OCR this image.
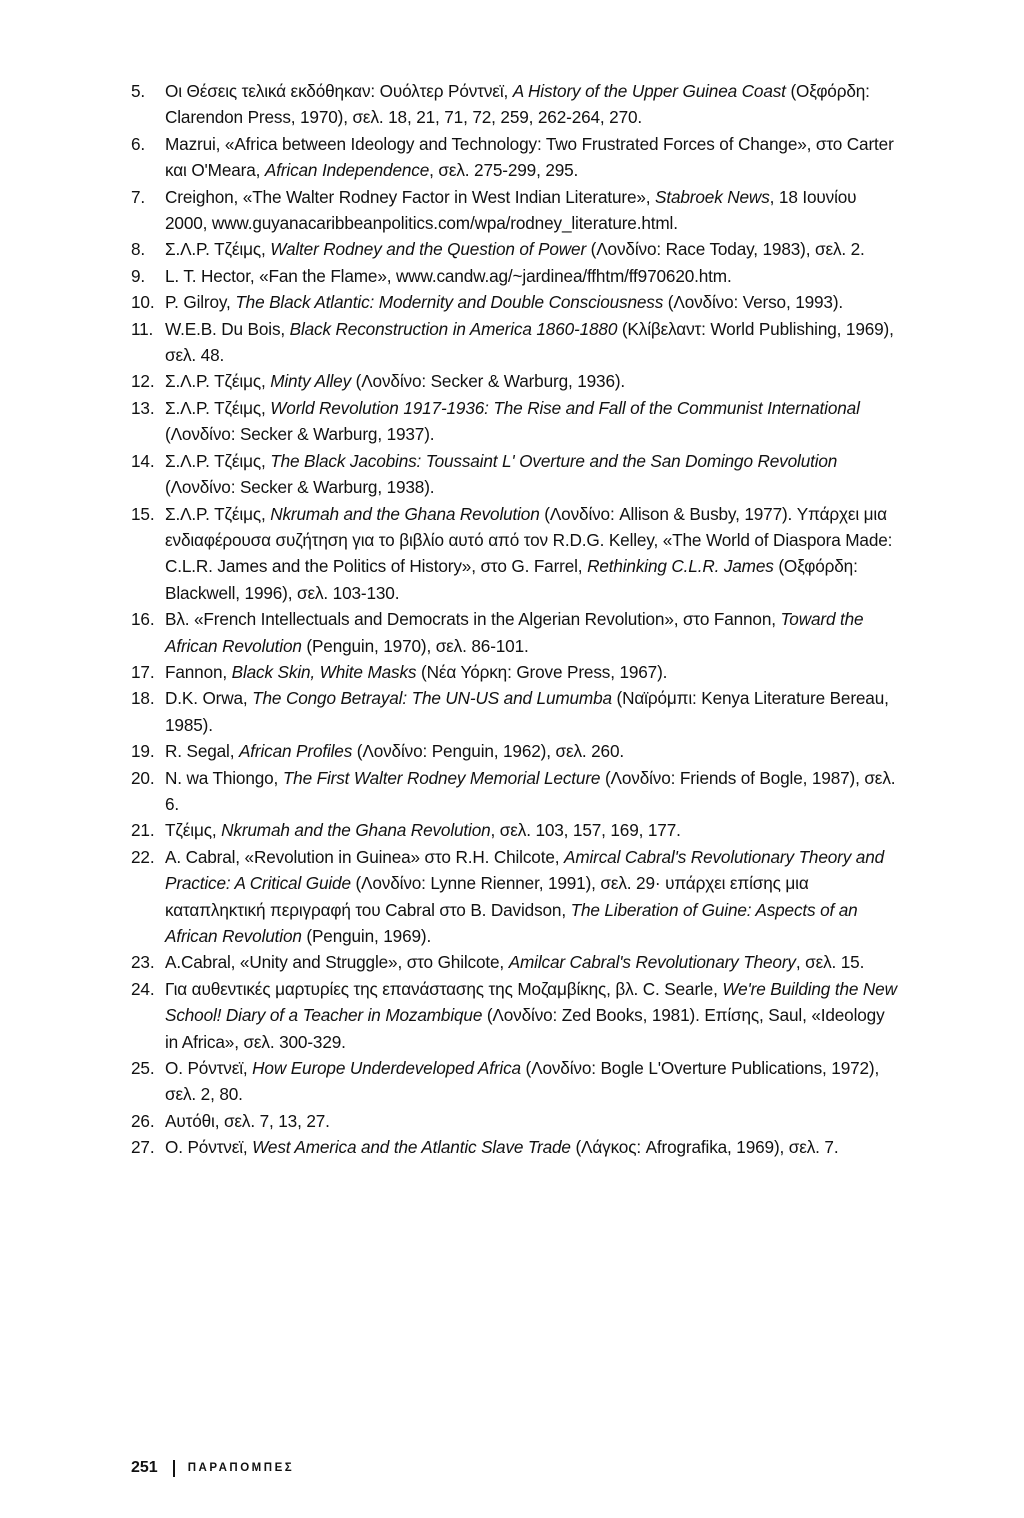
5.	Οι Θέσεις τελικά εκδόθηκαν: Ουόλτερ Ρόντνεϊ, A History of the Upper Guinea Coast (Οξφόρδη: Clarendon Press, 1970), σελ. 18, 21, 71, 72, 259, 262-264, 270.

6.	Mazrui, «Africa between Ideology and Technology: Two Frustrated Forces of Change», στο Carter και O'Meara, African Independence, σελ. 275-299, 295.

7.	Creighon, «The Walter Rodney Factor in West Indian Literature», Stabroek News, 18 Ιουνίου 2000, www.guyanacaribbeanpolitics.com/wpa/rodney_literature.html.

8.	Σ.Λ.Ρ. Τζέιμς, Walter Rodney and the Question of Power (Λονδίνο: Race Today, 1983), σελ. 2.

9.	L. T. Hector, «Fan the Flame», www.candw.ag/~jardinea/ffhtm/ff970620.htm.

10. P. Gilroy, The Black Atlantic: Modernity and Double Consciousness (Λονδίνο: Verso, 1993).

11. W.E.B. Du Bois, Black Reconstruction in America 1860-1880 (Κλίβελαντ: World Publishing, 1969), σελ. 48.

12. Σ.Λ.Ρ. Τζέιμς, Minty Alley (Λονδίνο: Secker & Warburg, 1936).

13. Σ.Λ.Ρ. Τζέιμς, World Revolution 1917-1936: The Rise and Fall of the Communist International (Λονδίνο: Secker & Warburg, 1937).

14. Σ.Λ.Ρ. Τζέιμς, The Black Jacobins: Toussaint L' Overture and the San Domingo Revolution (Λονδίνο: Secker & Warburg, 1938).

15. Σ.Λ.Ρ. Τζέιμς, Nkrumah and the Ghana Revolution (Λονδίνο: Allison & Busby, 1977). Υπάρχει μια ενδιαφέρουσα συζήτηση για το βιβλίο αυτό από τον R.D.G. Kelley, «The World of Diaspora Made: C.L.R. James and the Politics of History», στο G. Farrel, Rethinking C.L.R. James (Οξφόρδη: Blackwell, 1996), σελ. 103-130.

16. Βλ. «French Intellectuals and Democrats in the Algerian Revolution», στο Fannon, Toward the African Revolution (Penguin, 1970), σελ. 86-101.

17. Fannon, Black Skin, White Masks (Νέα Υόρκη: Grove Press, 1967).

18. D.K. Orwa, The Congo Betrayal: The UN-US and Lumumba (Ναϊρόμπι: Kenya Literature Bereau, 1985).

19. R. Segal, African Profiles (Λονδίνο: Penguin, 1962), σελ. 260.

20. N. wa Thiongo, The First Walter Rodney Memorial Lecture (Λονδίνο: Friends of Bogle, 1987), σελ. 6.

21. Τζέιμς, Nkrumah and the Ghana Revolution, σελ. 103, 157, 169, 177.

22. A. Cabral, «Revolution in Guinea» στο R.H. Chilcote, Amircal Cabral's Revolutionary Theory and Practice: A Critical Guide (Λονδίνο: Lynne Rienner, 1991), σελ. 29· υπάρχει επίσης μια καταπληκτική περιγραφή του Cabral στο B. Davidson, The Liberation of Guine: Aspects of an African Revolution (Penguin, 1969).

23. A.Cabral, «Unity and Struggle», στο Ghilcote, Amilcar Cabral's Revolutionary Theory, σελ. 15.

24. Για αυθεντικές μαρτυρίες της επανάστασης της Μοζαμβίκης, βλ. C. Searle, We're Building the New School! Diary of a Teacher in Mozambique (Λονδίνο: Zed Books, 1981). Επίσης, Saul, «Ideology in Africa», σελ. 300-329.

25. Ο. Ρόντνεϊ, How Europe Underdeveloped Africa (Λονδίνο: Bogle L'Overture Publications, 1972), σελ. 2, 80.

26. Αυτόθι, σελ. 7, 13, 27.

27. Ο. Ρόντνεϊ, West America and the Atlantic Slave Trade (Λάγκος: Afrografika, 1969), σελ. 7.

251	ΠΑΡΑΠΟΜΠΕΣ
